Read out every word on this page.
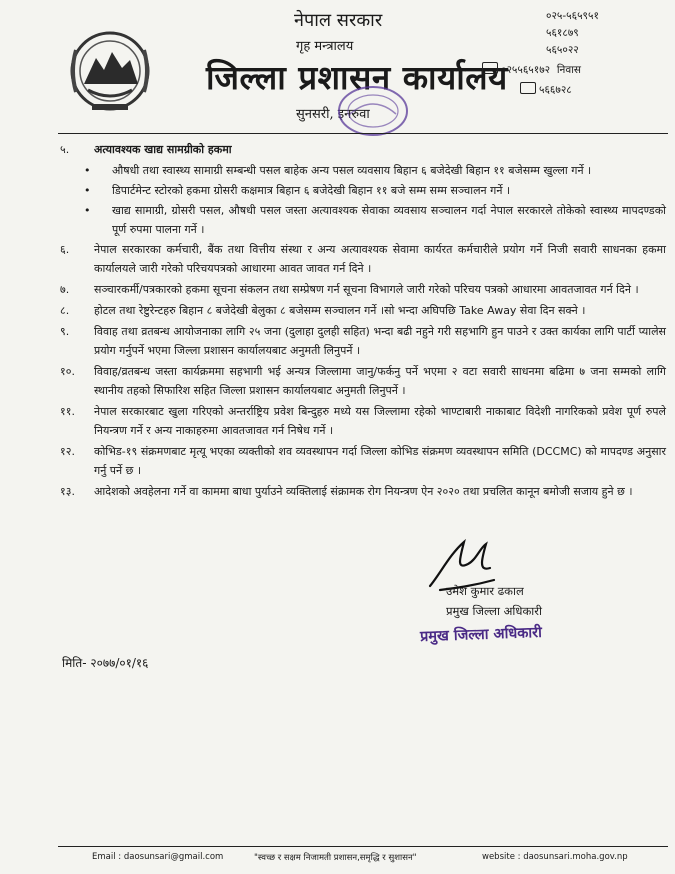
नेपाल सरकार
गृह मन्त्रालय
जिल्ला प्रशासन कार्यालय
सुनसरी, इनरुवा
०२५-५६५९५१
५६१८७९
५६५०२२
०२५५६५१७२ निवास
५६६७२८
५. अत्यावश्यक खाद्य सामग्रीको हकमा
• औषधी तथा स्वास्थ्य सामाग्री सम्बन्धी पसल बाहेक अन्य पसल व्यवसाय बिहान ६ बजेदेखी बिहान ११ बजेसम्म खुल्ला गर्ने ।
• डिपार्टमेन्ट स्टोरको हकमा ग्रोसरी कक्षमात्र बिहान ६ बजेदेखी बिहान ११ बजे सम्म सम्म सञ्चालन गर्ने ।
• खाद्य सामाग्री, ग्रोसरी पसल, औषधी पसल जस्ता अत्यावश्यक सेवाका व्यवसाय सञ्चालन गर्दा नेपाल सरकारले तोकेको स्वास्थ्य मापदण्डको पूर्ण रुपमा पालना गर्ने ।
६. नेपाल सरकारका कर्मचारी, बैंक तथा वित्तीय संस्था र अन्य अत्यावश्यक सेवामा कार्यरत कर्मचारीले प्रयोग गर्ने निजी सवारी साधनका हकमा कार्यालयले जारी गरेको परिचयपत्रको आधारमा आवत जावत गर्न दिने ।
७. सञ्चारकर्मी/पत्रकारको हकमा सूचना संकलन तथा सम्प्रेषण गर्न सूचना विभागले जारी गरेको परिचय पत्रको आधारमा आवतजावत गर्न दिने ।
८. होटल तथा रेष्टुरेन्टहरु बिहान ८ बजेदेखी बेलुका ८ बजेसम्म सञ्चालन गर्ने ।सो भन्दा अघिपछि Take Away सेवा दिन सक्ने ।
९. विवाह तथा व्रतबन्ध आयोजनाका लागि २५ जना (दुलाहा दुलही सहित) भन्दा बढी नहुने गरी सहभागि हुन पाउने र उक्त कार्यका लागि पार्टी प्यालेस प्रयोग गर्नुपर्ने भएमा जिल्ला प्रशासन कार्यालयबाट अनुमती लिनुपर्ने ।
१०. विवाह/व्रतबन्ध जस्ता कार्यक्रममा सहभागी भई अन्यत्र जिल्लामा जानु/फर्कनु पर्ने भएमा २ वटा सवारी साधनमा बढिमा ७ जना सम्मको लागि स्थानीय तहको सिफारिश सहित जिल्ला प्रशासन कार्यालयबाट अनुमती लिनुपर्ने ।
११. नेपाल सरकारबाट खुला गरिएको अन्तर्राष्ट्रिय प्रवेश बिन्दुहरु मध्ये यस जिल्लामा रहेको भाण्टाबारी नाकाबाट विदेशी नागरिकको प्रवेश पूर्ण रुपले नियन्त्रण गर्ने र अन्य नाकाहरुमा आवतजावत गर्न निषेध गर्ने ।
१२. कोभिड-१९ संक्रमणबाट मृत्यू भएका व्यक्तीको शव व्यवस्थापन गर्दा जिल्ला कोभिड संक्रमण व्यवस्थापन समिति (DCCMC) को मापदण्ड अनुसार गर्नु पर्ने छ ।
१३. आदेशको अवहेलना गर्ने वा काममा बाधा पुर्याउने व्यक्तिलाई संक्रामक रोग नियन्त्रण ऐन २०२० तथा प्रचलित कानून बमोजी सजाय हुने छ ।
उमेश कुमार ढकाल
प्रमुख जिल्ला अधिकारी
प्रमुख जिल्ला अधिकारी
मिति- २०७७/०१/१६
Email : daosunsari@gmail.com	"स्वच्छ र सक्षम निजामती प्रशासन,समृद्धि र सुशासन"	website : daosunsari.moha.gov.np
